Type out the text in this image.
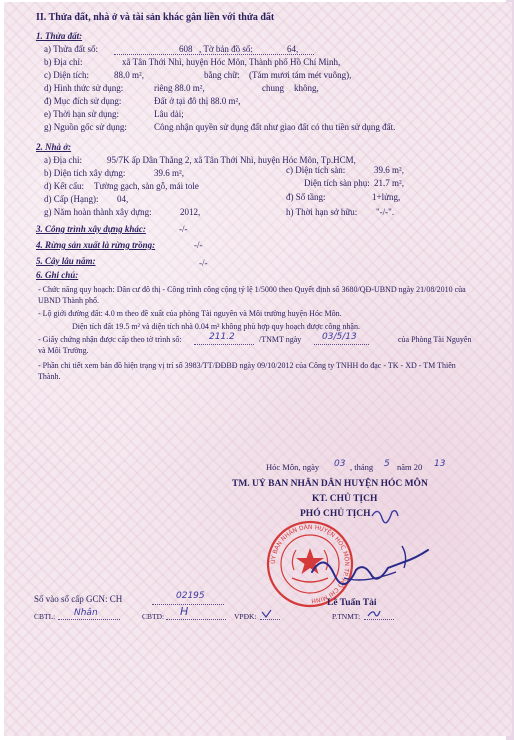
II. Thửa đất, nhà ở và tài sản khác gắn liền với thửa đất
1. Thửa đất:
a) Thửa đất số:	608 , Tờ bản đồ số:	64,
b) Địa chỉ:	xã Tân Thới Nhì, huyện Hóc Môn, Thành phố Hồ Chí Minh,
c) Diện tích:	88.0 m²,	bằng chữ: (Tám mươi tám mét vuông),
d) Hình thức sử dụng:	riêng 88.0 m²,	chung không,
đ) Mục đích sử dụng:	Đất ở tại đô thị 88.0 m²,
e) Thời hạn sử dụng:	Lâu dài;
g) Nguồn gốc sử dụng:	Công nhận quyền sử dụng đất như giao đất có thu tiền sử dụng đất.
2. Nhà ở:
a) Địa chỉ:	95/7K ấp Dân Thắng 2, xã Tân Thới Nhì, huyện Hóc Môn, Tp.HCM,
b) Diện tích xây dựng:	39.6 m²,	c) Diện tích sàn:	39.6 m²,
Diện tích sàn phụ: 21.7 m²,
d) Kết cấu: Tường gạch, sàn gỗ, mái tole
đ) Số tầng:	1+lửng,
d) Cấp (Hạng): 04,
g) Năm hoàn thành xây dựng:	2012,	h) Thời hạn sở hữu: "-/-".
3. Công trình xây dựng khác:	-/-
4. Rừng sản xuất là rừng trồng:	-/-
5. Cây lâu năm:	-/-
6. Ghi chú:
- Chức năng quy hoạch: Dân cư đô thị - Công trình công cộng tỷ lệ 1/5000 theo Quyết định số 3680/QĐ-UBND ngày 21/08/2010 của UBND Thành phố.
- Lộ giới đường đất: 4.0 m theo đề xuất của phòng Tài nguyên và Môi trường huyện Hóc Môn.
Diện tích đất 19.5 m² và diện tích nhà 0.04 m² không phù hợp quy hoạch được công nhận.
- Giấy chứng nhận được cấp theo tờ trình số:	211.2	/TNMT ngày 03/5/13	của Phòng Tài Nguyên và Môi Trường.
- Phần chi tiết xem bản đồ hiện trạng vị trí số 3983/TT/ĐĐBĐ ngày 09/10/2012 của Công ty TNHH đo đạc - TK - XD - TM Thiên Thành.
Hóc Môn, ngày 03 , tháng 5 năm 20 13
TM. UỶ BAN NHÂN DÂN HUYỆN HÓC MÔN
KT. CHỦ TỊCH
PHÓ CHỦ TỊCH
ỦY BAN NHÂN DÂN HUYỆN HÓC MÔN TP. HỒ CHÍ MINH	Lê Tuấn Tài
Số vào sổ cấp GCN: CH	02195
CBTL: Nhân	CBTD: H	VPĐK:	P.TNMT:
